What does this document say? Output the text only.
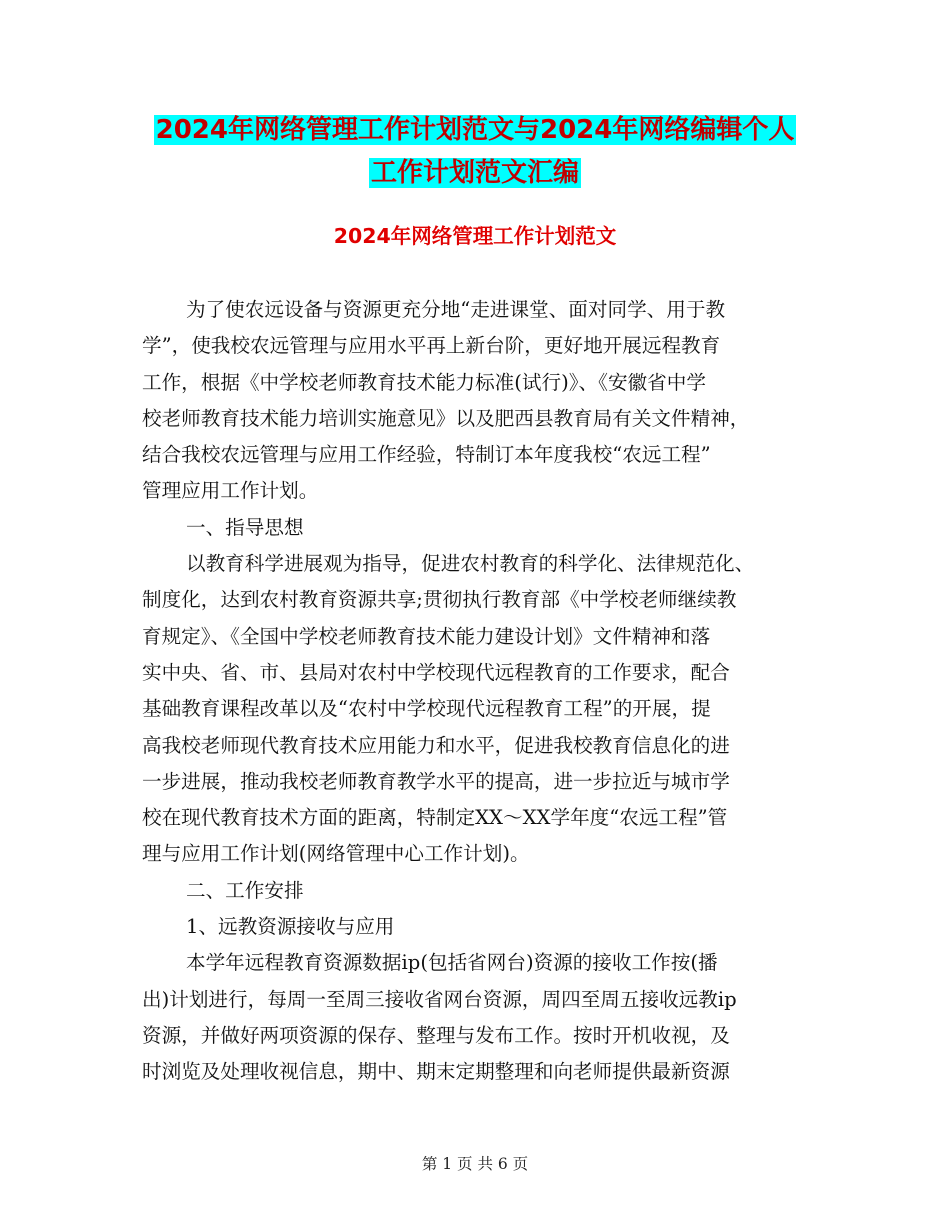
2024年网络管理工作计划范文与2024年网络编辑个人
工作计划范文汇编
2024年网络管理工作计划范文
为了使农远设备与资源更充分地“走进课堂、面对同学、用于教
学”，使我校农远管理与应用水平再上新台阶，更好地开展远程教育
工作，根据《中学校老师教育技术能力标准(试行)》、《安徽省中学
校老师教育技术能力培训实施意见》以及肥西县教育局有关文件精神，
结合我校农远管理与应用工作经验，特制订本年度我校“农远工程”
管理应用工作计划。
一、指导思想
以教育科学进展观为指导，促进农村教育的科学化、法律规范化、
制度化，达到农村教育资源共享;贯彻执行教育部《中学校老师继续教
育规定》、《全国中学校老师教育技术能力建设计划》文件精神和落
实中央、省、市、县局对农村中学校现代远程教育的工作要求，配合
基础教育课程改革以及“农村中学校现代远程教育工程”的开展，提
高我校老师现代教育技术应用能力和水平，促进我校教育信息化的进
一步进展，推动我校老师教育教学水平的提高，进一步拉近与城市学
校在现代教育技术方面的距离，特制定XX～XX学年度“农远工程”管
理与应用工作计划(网络管理中心工作计划)。
二、工作安排
1、远教资源接收与应用
本学年远程教育资源数据ip(包括省网台)资源的接收工作按(播
出)计划进行，每周一至周三接收省网台资源，周四至周五接收远教ip
资源，并做好两项资源的保存、整理与发布工作。按时开机收视，及
时浏览及处理收视信息，期中、期末定期整理和向老师提供最新资源
第 1 页 共 6 页
